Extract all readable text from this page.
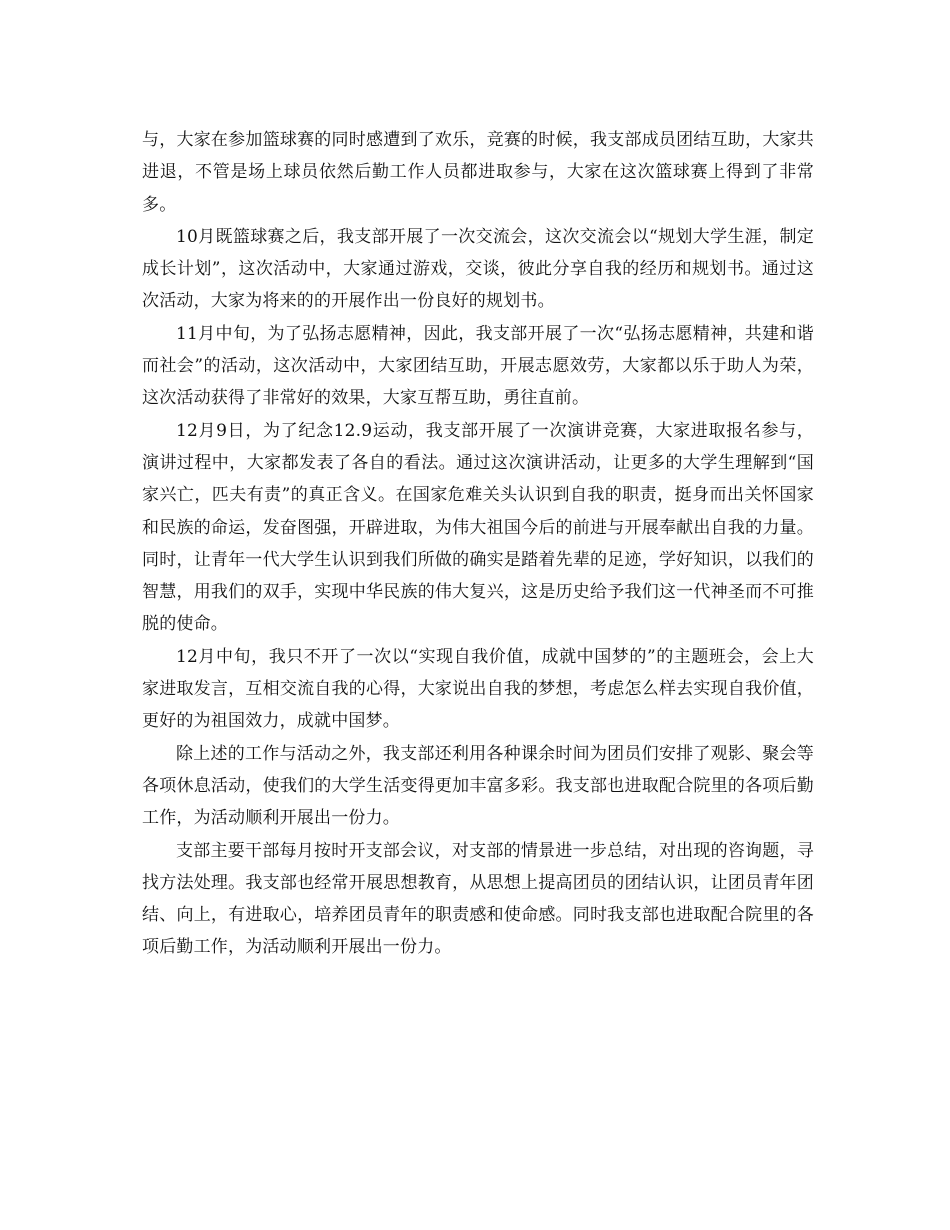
与，大家在参加篮球赛的同时感遭到了欢乐，竞赛的时候，我支部成员团结互助，大家共进退，不管是场上球员依然后勤工作人员都进取参与，大家在这次篮球赛上得到了非常多。

10月既篮球赛之后，我支部开展了一次交流会，这次交流会以“规划大学生涯，制定成长计划”，这次活动中，大家通过游戏，交谈，彼此分享自我的经历和规划书。通过这次活动，大家为将来的的开展作出一份良好的规划书。

11月中旬，为了弘扬志愿精神，因此，我支部开展了一次“弘扬志愿精神，共建和谐而社会”的活动，这次活动中，大家团结互助，开展志愿效劳，大家都以乐于助人为荣，这次活动获得了非常好的效果，大家互帮互助，勇往直前。

12月9日，为了纪念12.9运动，我支部开展了一次演讲竞赛，大家进取报名参与，演讲过程中，大家都发表了各自的看法。通过这次演讲活动，让更多的大学生理解到“国家兴亡，匹夫有责”的真正含义。在国家危难关头认识到自我的职责，挺身而出关怀国家和民族的命运，发奋图强，开辟进取，为伟大祖国今后的前进与开展奉献出自我的力量。同时，让青年一代大学生认识到我们所做的确实是踏着先辈的足迹，学好知识，以我们的智慧，用我们的双手，实现中华民族的伟大复兴，这是历史给予我们这一代神圣而不可推脱的使命。

12月中旬，我只不开了一次以“实现自我价值，成就中国梦的”的主题班会，会上大家进取发言，互相交流自我的心得，大家说出自我的梦想，考虑怎么样去实现自我价值，更好的为祖国效力，成就中国梦。

除上述的工作与活动之外，我支部还利用各种课余时间为团员们安排了观影、聚会等各项休息活动，使我们的大学生活变得更加丰富多彩。我支部也进取配合院里的各项后勤工作，为活动顺利开展出一份力。

支部主要干部每月按时开支部会议，对支部的情景进一步总结，对出现的咨询题，寻找方法处理。我支部也经常开展思想教育，从思想上提高团员的团结认识，让团员青年团结、向上，有进取心，培养团员青年的职责感和使命感。同时我支部也进取配合院里的各项后勤工作，为活动顺利开展出一份力。
